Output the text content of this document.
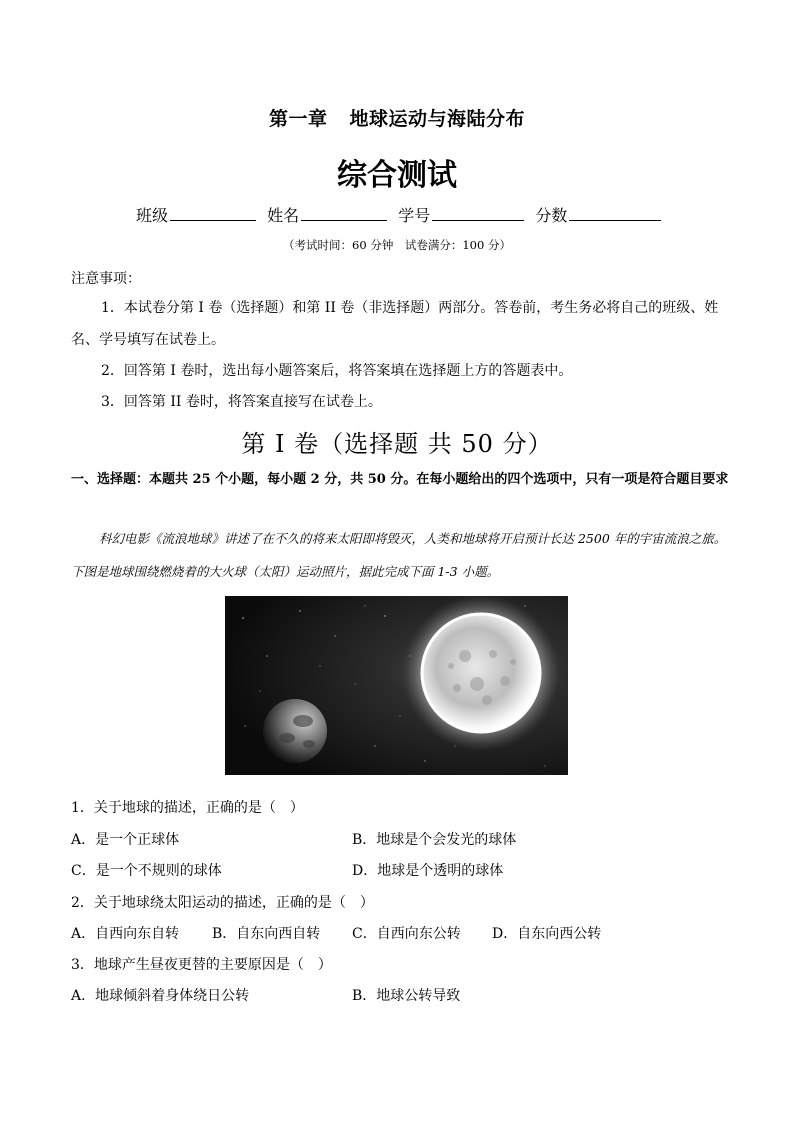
第一章 地球运动与海陆分布
综合测试
班级	姓名	学号	分数
（考试时间：60 分钟　试卷满分：100 分）
注意事项：
1．本试卷分第 I 卷（选择题）和第 II 卷（非选择题）两部分。答卷前，考生务必将自己的班级、姓名、学号填写在试卷上。
2．回答第 I 卷时，选出每小题答案后，将答案填在选择题上方的答题表中。
3．回答第 II 卷时，将答案直接写在试卷上。
第 I 卷（选择题 共 50 分）
一、选择题：本题共 25 个小题，每小题 2 分，共 50 分。在每小题给出的四个选项中，只有一项是符合题目要求
科幻电影《流浪地球》讲述了在不久的将来太阳即将毁灭，人类和地球将开启预计长达 2500 年的宇宙流浪之旅。下图是地球围绕燃烧着的大火球（太阳）运动照片，据此完成下面 1-3 小题。
1．关于地球的描述，正确的是（　）
A．是一个正球体	B．地球是个会发光的球体
C．是一个不规则的球体	D．地球是个透明的球体
2．关于地球绕太阳运动的描述，正确的是（　）
A．自西向东自转 B．自东向西自转 C．自西向东公转 D．自东向西公转
3．地球产生昼夜更替的主要原因是（　）
A．地球倾斜着身体绕日公转	B．地球公转导致
